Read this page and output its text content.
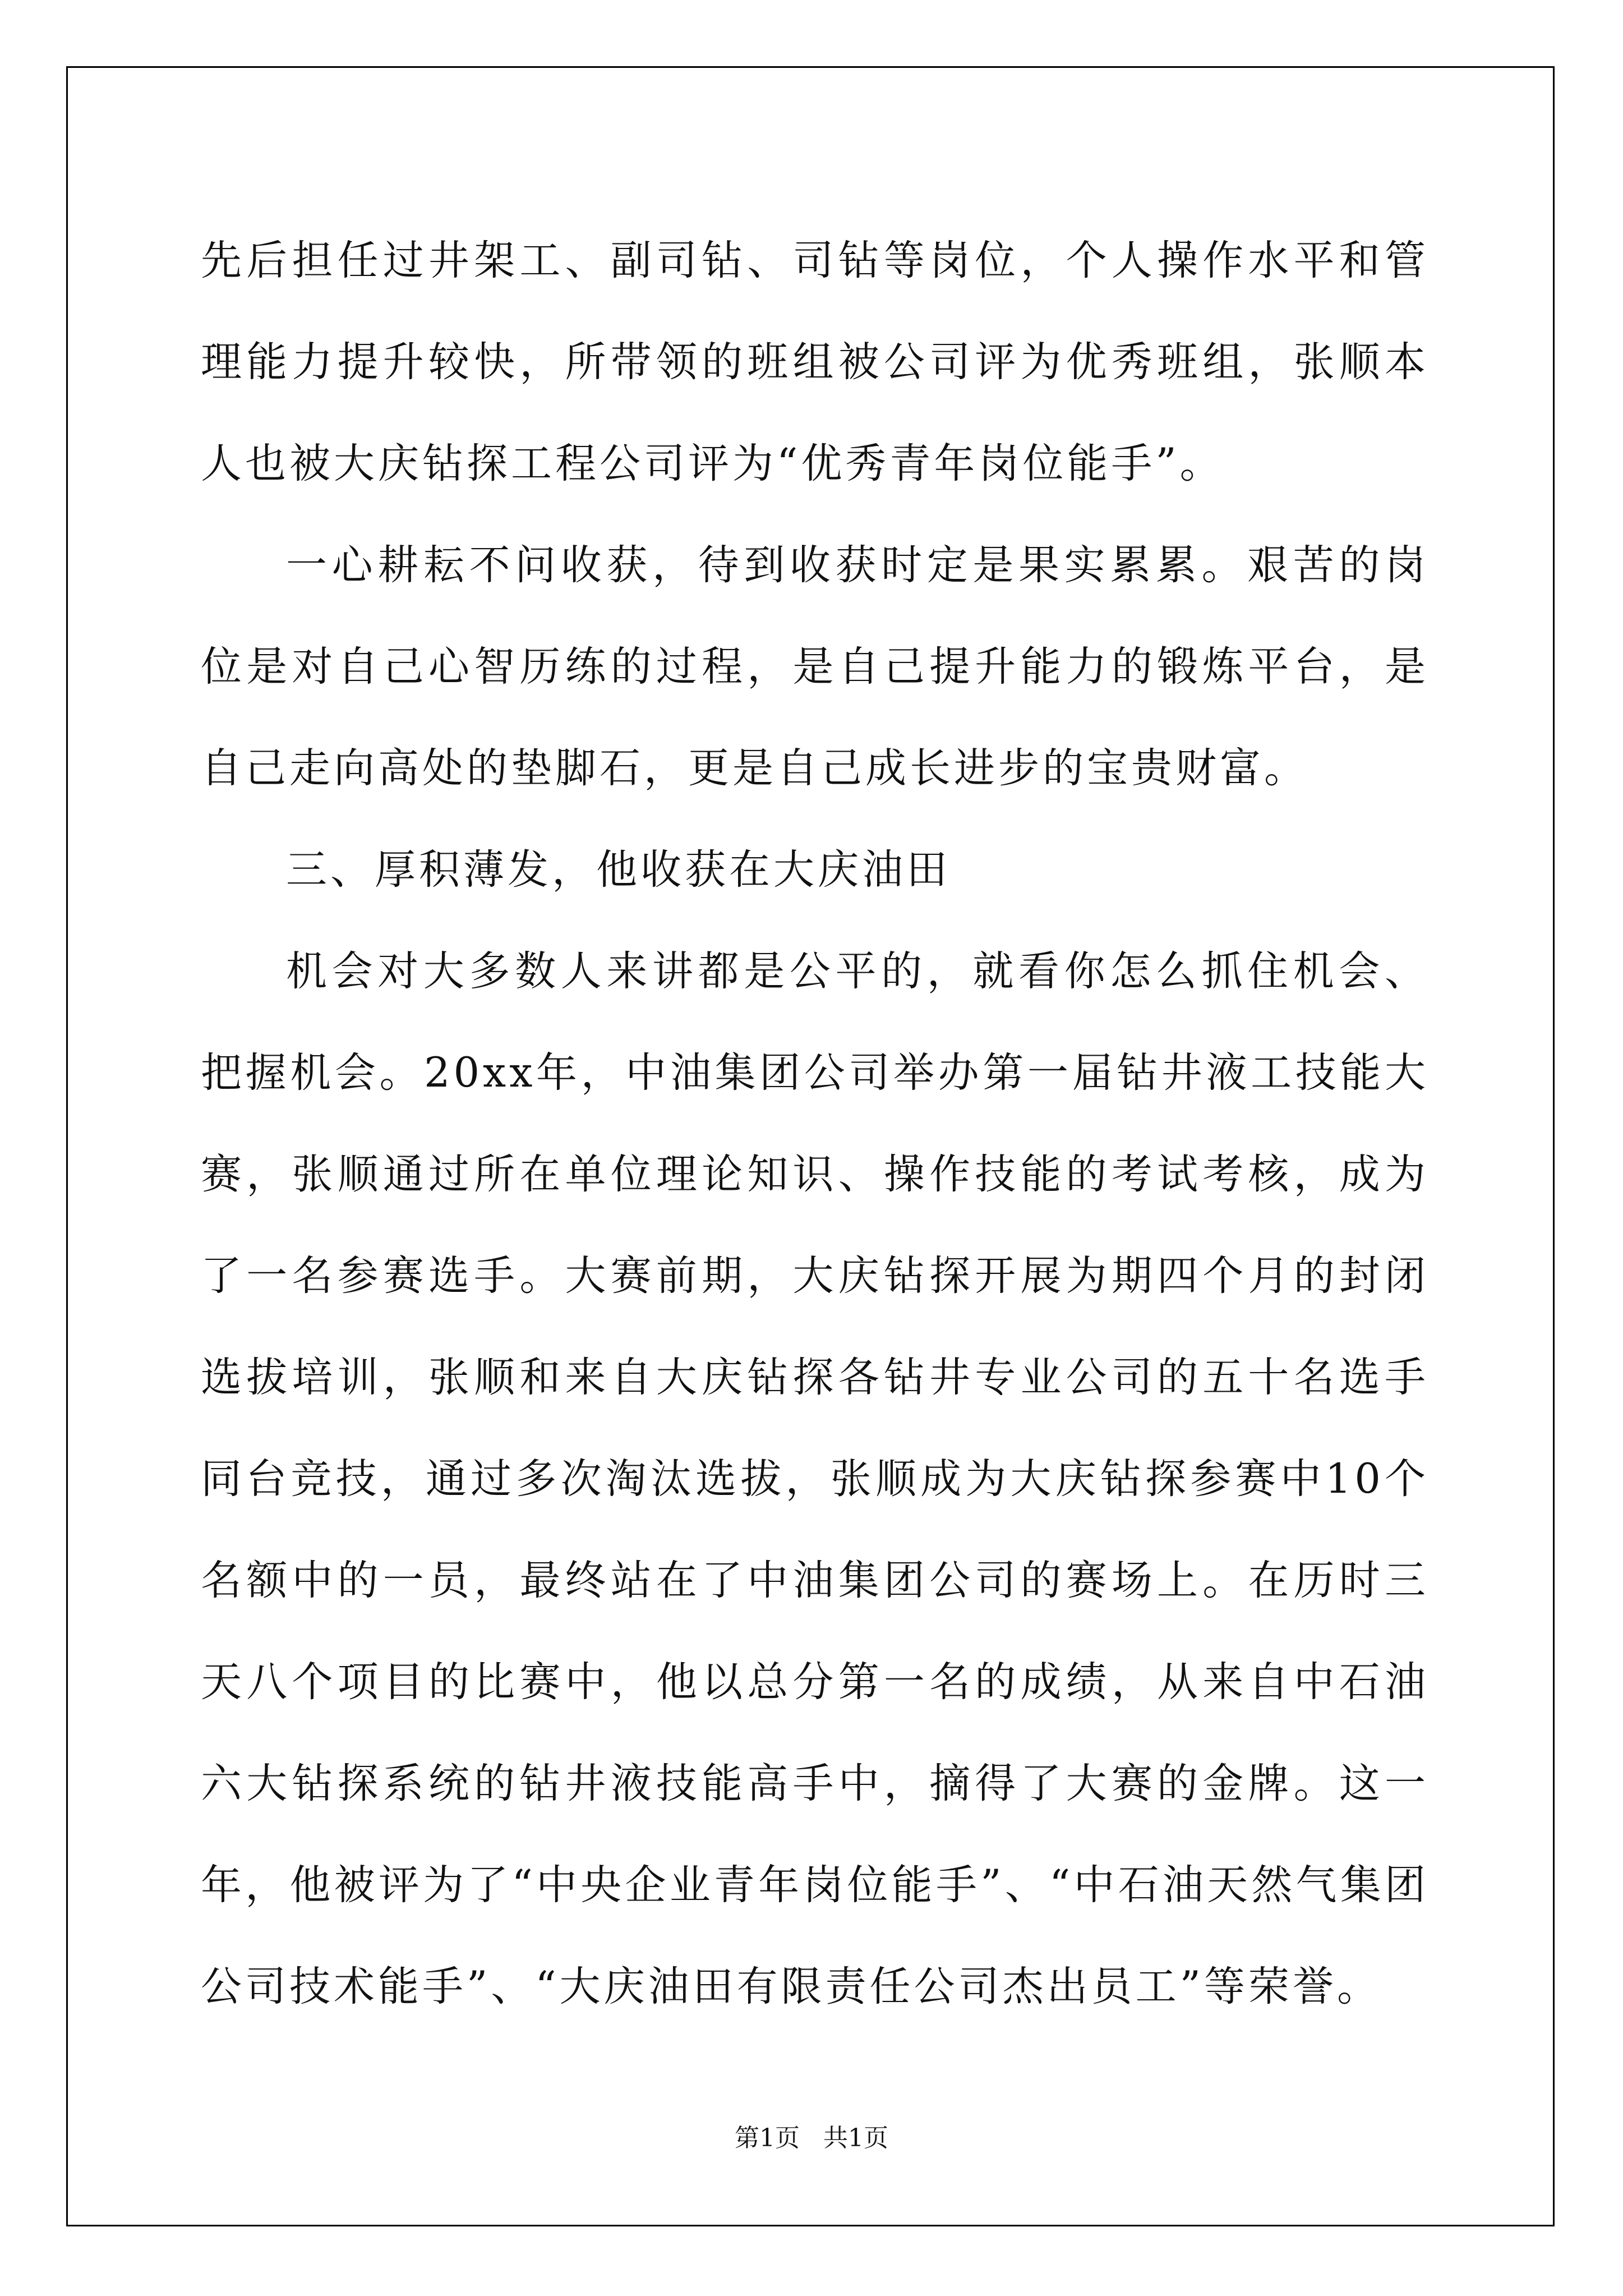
先后担任过井架工、副司钻、司钻等岗位，个人操作水平和管理能力提升较快，所带领的班组被公司评为优秀班组，张顺本人也被大庆钻探工程公司评为“优秀青年岗位能手”。

一心耕耘不问收获，待到收获时定是果实累累。艰苦的岗位是对自己心智历练的过程，是自己提升能力的锻炼平台，是自己走向高处的垫脚石，更是自己成长进步的宝贵财富。

三、厚积薄发，他收获在大庆油田

机会对大多数人来讲都是公平的，就看你怎么抓住机会、把握机会。20xx年，中油集团公司举办第一届钻井液工技能大赛，张顺通过所在单位理论知识、操作技能的考试考核，成为了一名参赛选手。大赛前期，大庆钻探开展为期四个月的封闭选拔培训，张顺和来自大庆钻探各钻井专业公司的五十名选手同台竞技，通过多次淘汰选拔，张顺成为大庆钻探参赛中10个名额中的一员，最终站在了中油集团公司的赛场上。在历时三天八个项目的比赛中，他以总分第一名的成绩，从来自中石油六大钻探系统的钻井液技能高手中，摘得了大赛的金牌。这一年，他被评为了“中央企业青年岗位能手”、“中石油天然气集团公司技术能手”、“大庆油田有限责任公司杰出员工”等荣誉。

第1页   共1页
